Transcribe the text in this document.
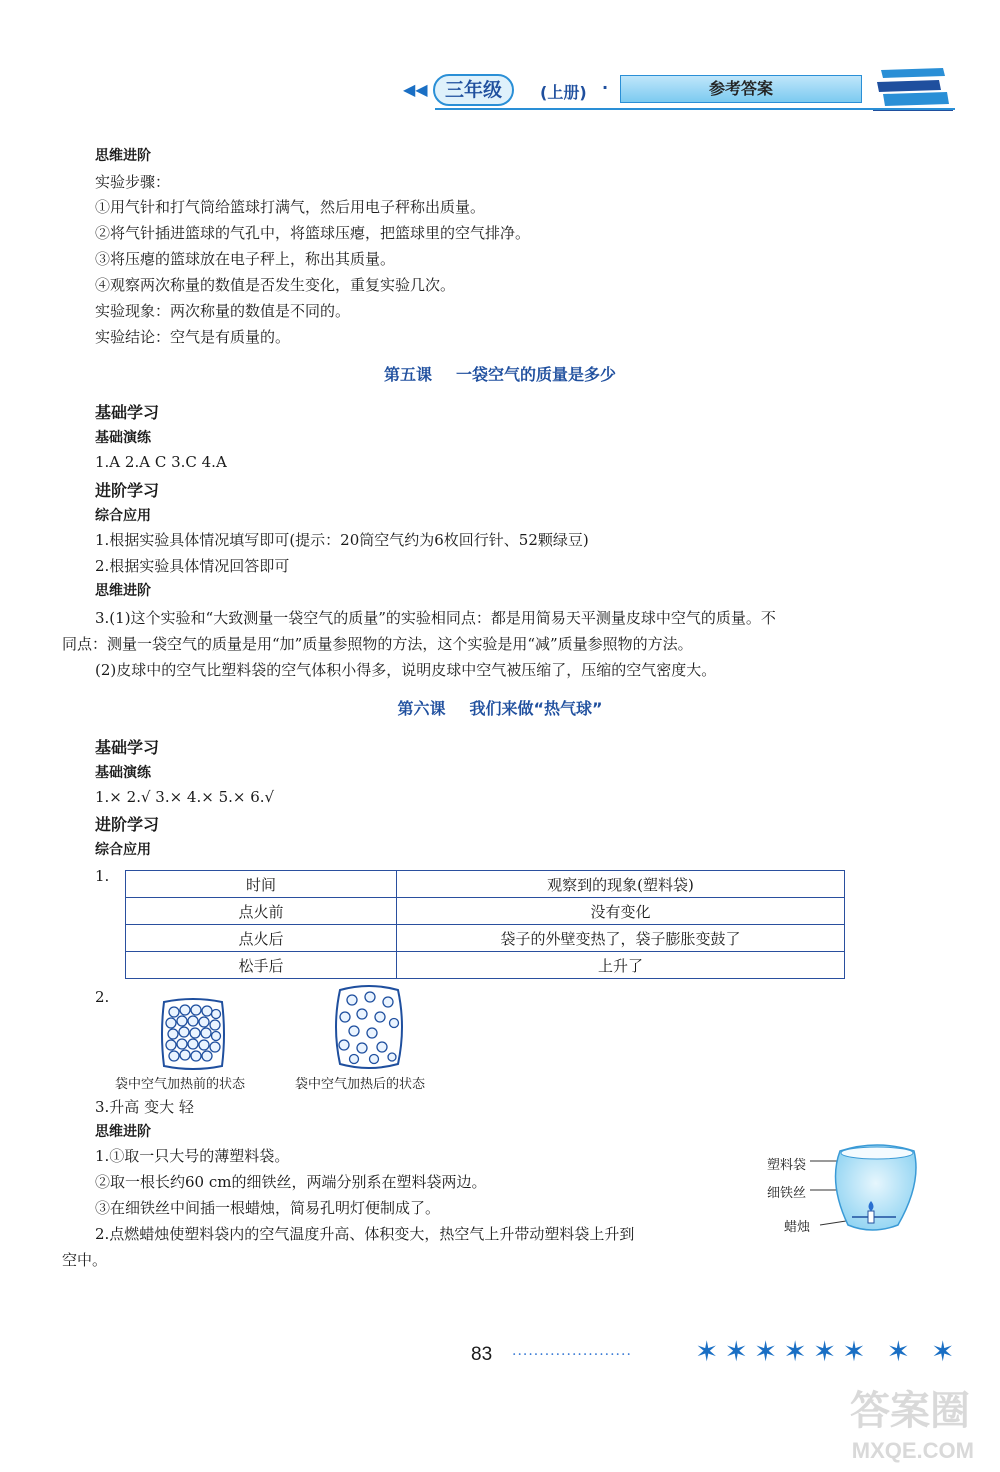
◀◀ 三年级	(上册) ·	参考答案
思维进阶
实验步骤：
①用气针和打气筒给篮球打满气，然后用电子秤称出质量。
②将气针插进篮球的气孔中，将篮球压瘪，把篮球里的空气排净。
③将压瘪的篮球放在电子秤上，称出其质量。
④观察两次称量的数值是否发生变化，重复实验几次。
实验现象：两次称量的数值是不同的。
实验结论：空气是有质量的。
第五课 一袋空气的质量是多少
基础学习
基础演练
1.A 2.A C 3.C 4.A
进阶学习
综合应用
1.根据实验具体情况填写即可(提示：20筒空气约为6枚回行针、52颗绿豆)
2.根据实验具体情况回答即可
思维进阶
3.(1)这个实验和“大致测量一袋空气的质量”的实验相同点：都是用简易天平测量皮球中空气的质量。不
同点：测量一袋空气的质量是用“加”质量参照物的方法，这个实验是用“减”质量参照物的方法。
(2)皮球中的空气比塑料袋的空气体积小得多，说明皮球中空气被压缩了，压缩的空气密度大。
第六课 我们来做“热气球”
基础学习
基础演练
1.× 2.√ 3.× 4.× 5.× 6.√
进阶学习
综合应用
1.	时间	观察到的现象(塑料袋)
点火前	没有变化
点火后	袋子的外壁变热了，袋子膨胀变鼓了
松手后	上升了
2.
袋中空气加热前的状态	袋中空气加热后的状态
3.升高 变大 轻
思维进阶
1.①取一只大号的薄塑料袋。
②取一根长约60 cm的细铁丝，两端分别系在塑料袋两边。
③在细铁丝中间插一根蜡烛，简易孔明灯便制成了。
2.点燃蜡烛使塑料袋内的空气温度升高、体积变大，热空气上升带动塑料袋上升到
空中。
塑料袋
细铁丝
蜡烛
83 ······················ ✶✶✶✶✶✶ ✶ ✶
答案圈
MXQE.COM
